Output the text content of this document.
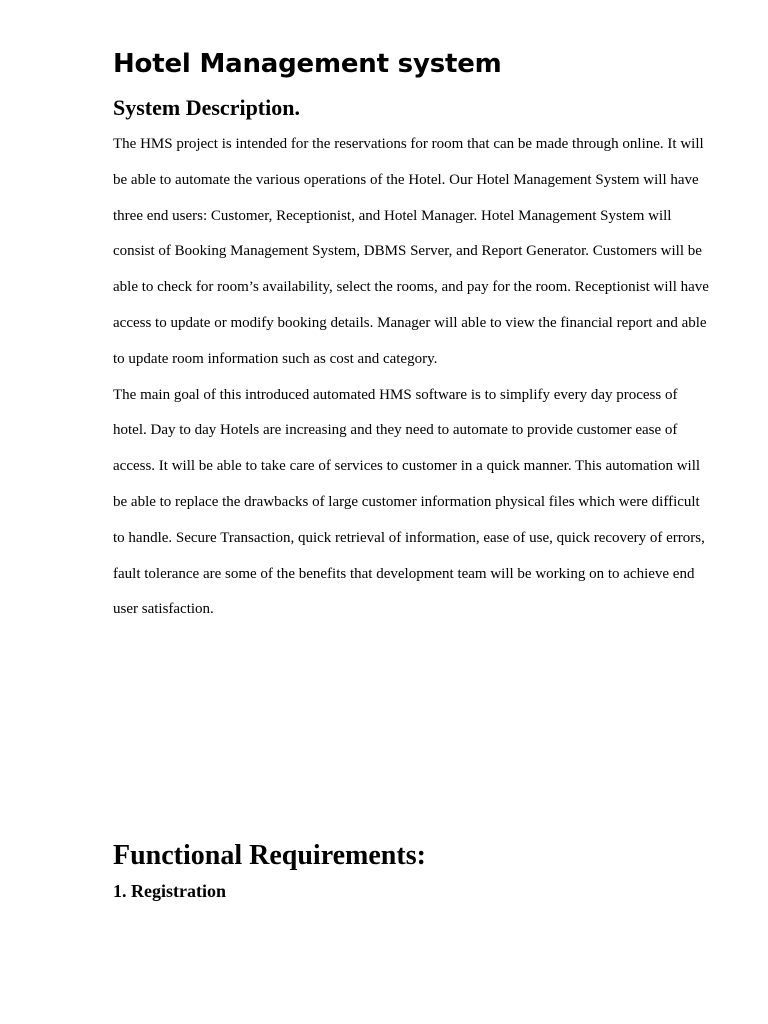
Hotel Management system
System Description.

The HMS project is intended for the reservations for room that can be made through online. It will be able to automate the various operations of the Hotel. Our Hotel Management System will have three end users: Customer, Receptionist, and Hotel Manager. Hotel Management System will consist of Booking Management System, DBMS Server, and Report Generator. Customers will be able to check for room’s availability, select the rooms, and pay for the room. Receptionist will have access to update or modify booking details. Manager will able to view the financial report and able to update room information such as cost and category.

The main goal of this introduced automated HMS software is to simplify every day process of hotel. Day to day Hotels are increasing and they need to automate to provide customer ease of access. It will be able to take care of services to customer in a quick manner. This automation will be able to replace the drawbacks of large customer information physical files which were difficult to handle. Secure Transaction, quick retrieval of information, ease of use, quick recovery of errors, fault tolerance are some of the benefits that development team will be working on to achieve end user satisfaction.

Functional Requirements:
1. Registration
